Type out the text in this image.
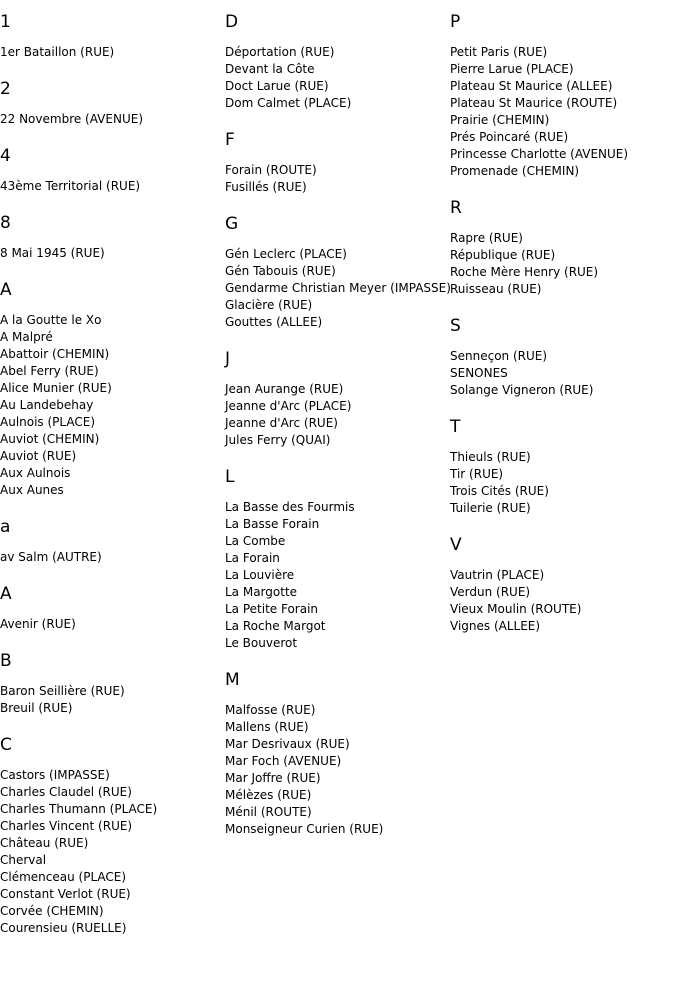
1
1er Bataillon (RUE)
2
22 Novembre (AVENUE)
4
43ème Territorial (RUE)
8
8 Mai 1945 (RUE)
A
A la Goutte le Xo
A Malpré
Abattoir (CHEMIN)
Abel Ferry (RUE)
Alice Munier (RUE)
Au Landebehay
Aulnois (PLACE)
Auviot (CHEMIN)
Auviot (RUE)
Aux Aulnois
Aux Aunes
a
av Salm (AUTRE)
A
Avenir (RUE)
B
Baron Seillière (RUE)
Breuil (RUE)
C
Castors (IMPASSE)
Charles Claudel (RUE)
Charles Thumann (PLACE)
Charles Vincent (RUE)
Château (RUE)
Cherval
Clémenceau (PLACE)
Constant Verlot (RUE)
Corvée (CHEMIN)
Courensieu (RUELLE)
D
Déportation (RUE)
Devant la Côte
Doct Larue (RUE)
Dom Calmet (PLACE)
F
Forain (ROUTE)
Fusillés (RUE)
G
Gén Leclerc (PLACE)
Gén Tabouis (RUE)
Gendarme Christian Meyer (IMPASSE)
Glacière (RUE)
Gouttes (ALLEE)
J
Jean Aurange (RUE)
Jeanne d'Arc (PLACE)
Jeanne d'Arc (RUE)
Jules Ferry (QUAI)
L
La Basse des Fourmis
La Basse Forain
La Combe
La Forain
La Louvière
La Margotte
La Petite Forain
La Roche Margot
Le Bouverot
M
Malfosse (RUE)
Mallens (RUE)
Mar Desrivaux (RUE)
Mar Foch (AVENUE)
Mar Joffre (RUE)
Mélèzes (RUE)
Ménil (ROUTE)
Monseigneur Curien (RUE)
P
Petit Paris (RUE)
Pierre Larue (PLACE)
Plateau St Maurice (ALLEE)
Plateau St Maurice (ROUTE)
Prairie (CHEMIN)
Prés Poincaré (RUE)
Princesse Charlotte (AVENUE)
Promenade (CHEMIN)
R
Rapre (RUE)
République (RUE)
Roche Mère Henry (RUE)
Ruisseau (RUE)
S
Senneçon (RUE)
SENONES
Solange Vigneron (RUE)
T
Thieuls (RUE)
Tir (RUE)
Trois Cités (RUE)
Tuilerie (RUE)
V
Vautrin (PLACE)
Verdun (RUE)
Vieux Moulin (ROUTE)
Vignes (ALLEE)
